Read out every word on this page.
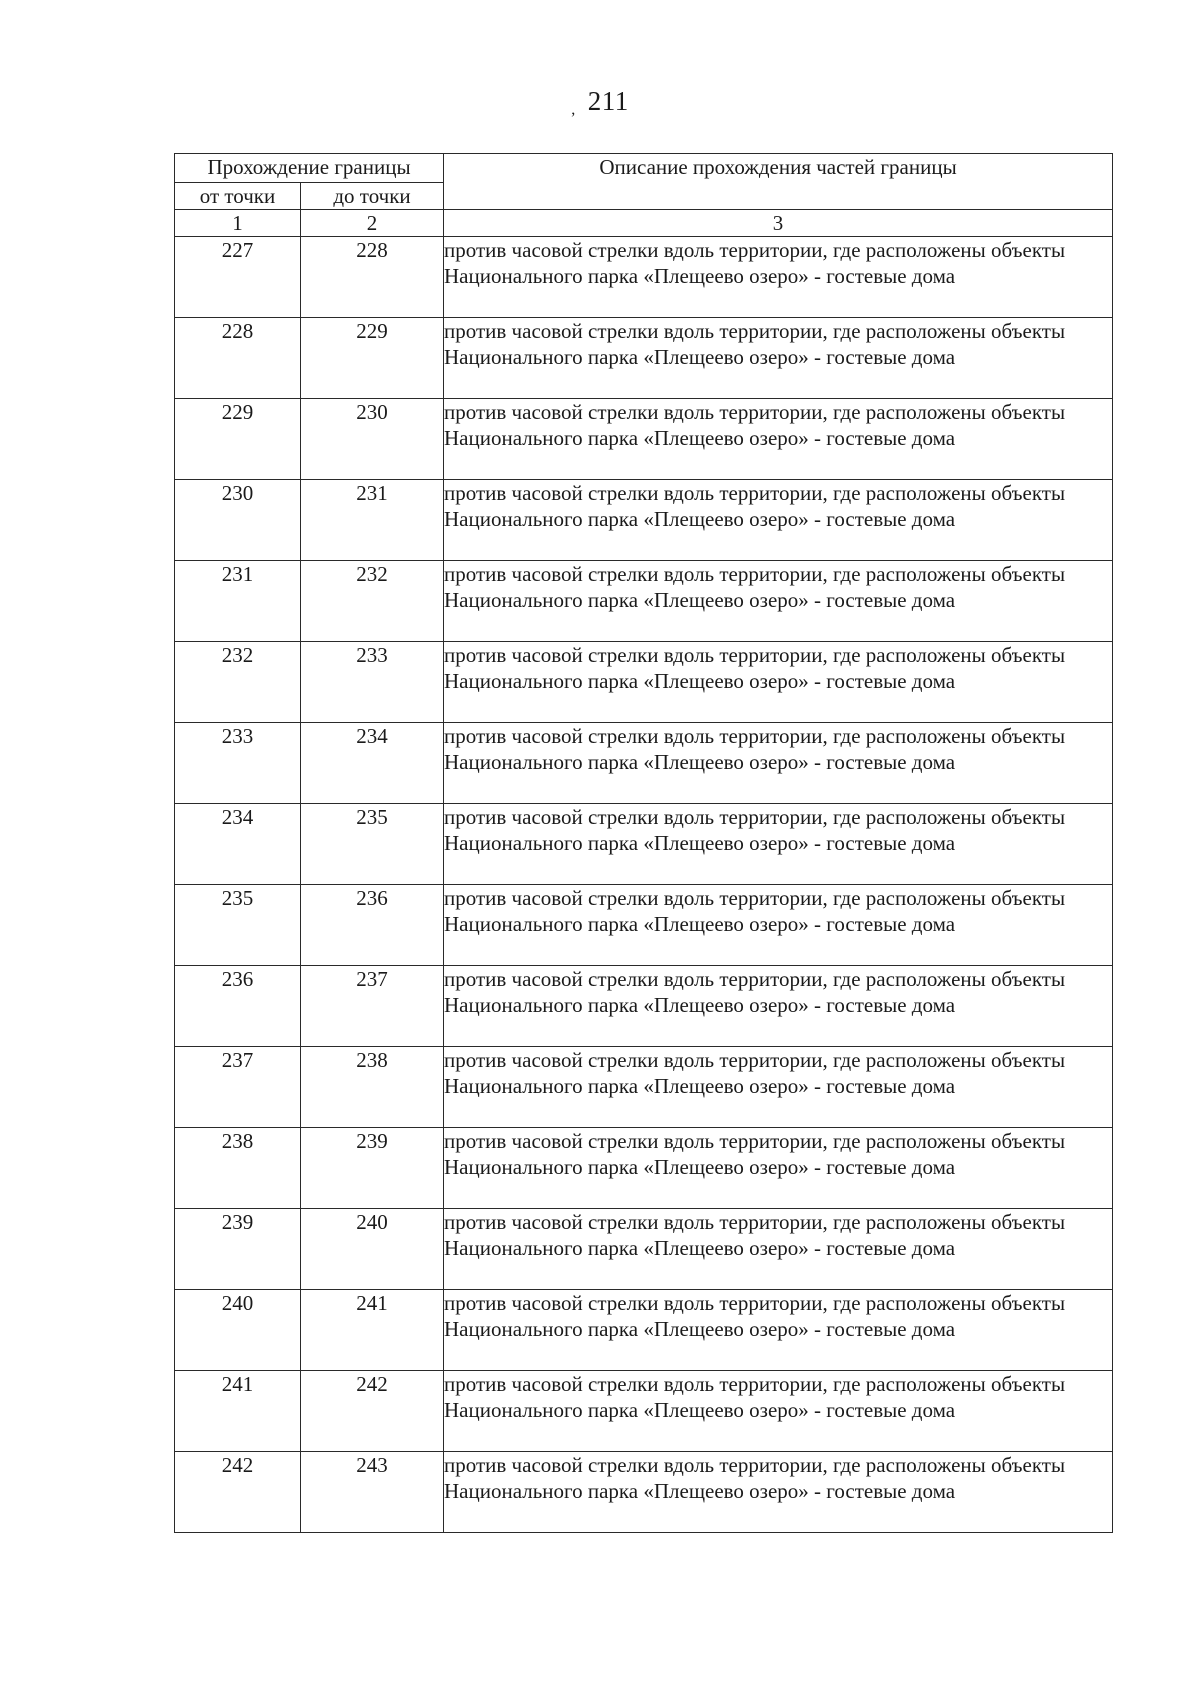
, 211
Прохождение границы		Описание прохождения частей границы
от точки	до точки	
1	2	3
227	228	против часовой стрелки вдоль территории, где расположены объекты Национального парка «Плещеево озеро» - гостевые дома
228	229	против часовой стрелки вдоль территории, где расположены объекты Национального парка «Плещеево озеро» - гостевые дома
229	230	против часовой стрелки вдоль территории, где расположены объекты Национального парка «Плещеево озеро» - гостевые дома
230	231	против часовой стрелки вдоль территории, где расположены объекты Национального парка «Плещеево озеро» - гостевые дома
231	232	против часовой стрелки вдоль территории, где расположены объекты Национального парка «Плещеево озеро» - гостевые дома
232	233	против часовой стрелки вдоль территории, где расположены объекты Национального парка «Плещеево озеро» - гостевые дома
233	234	против часовой стрелки вдоль территории, где расположены объекты Национального парка «Плещеево озеро» - гостевые дома
234	235	против часовой стрелки вдоль территории, где расположены объекты Национального парка «Плещеево озеро» - гостевые дома
235	236	против часовой стрелки вдоль территории, где расположены объекты Национального парка «Плещеево озеро» - гостевые дома
236	237	против часовой стрелки вдоль территории, где расположены объекты Национального парка «Плещеево озеро» - гостевые дома
237	238	против часовой стрелки вдоль территории, где расположены объекты Национального парка «Плещеево озеро» - гостевые дома
238	239	против часовой стрелки вдоль территории, где расположены объекты Национального парка «Плещеево озеро» - гостевые дома
239	240	против часовой стрелки вдоль территории, где расположены объекты Национального парка «Плещеево озеро» - гостевые дома
240	241	против часовой стрелки вдоль территории, где расположены объекты Национального парка «Плещеево озеро» - гостевые дома
241	242	против часовой стрелки вдоль территории, где расположены объекты Национального парка «Плещеево озеро» - гостевые дома
242	243	против часовой стрелки вдоль территории, где расположены объекты Национального парка «Плещеево озеро» - гостевые дома
